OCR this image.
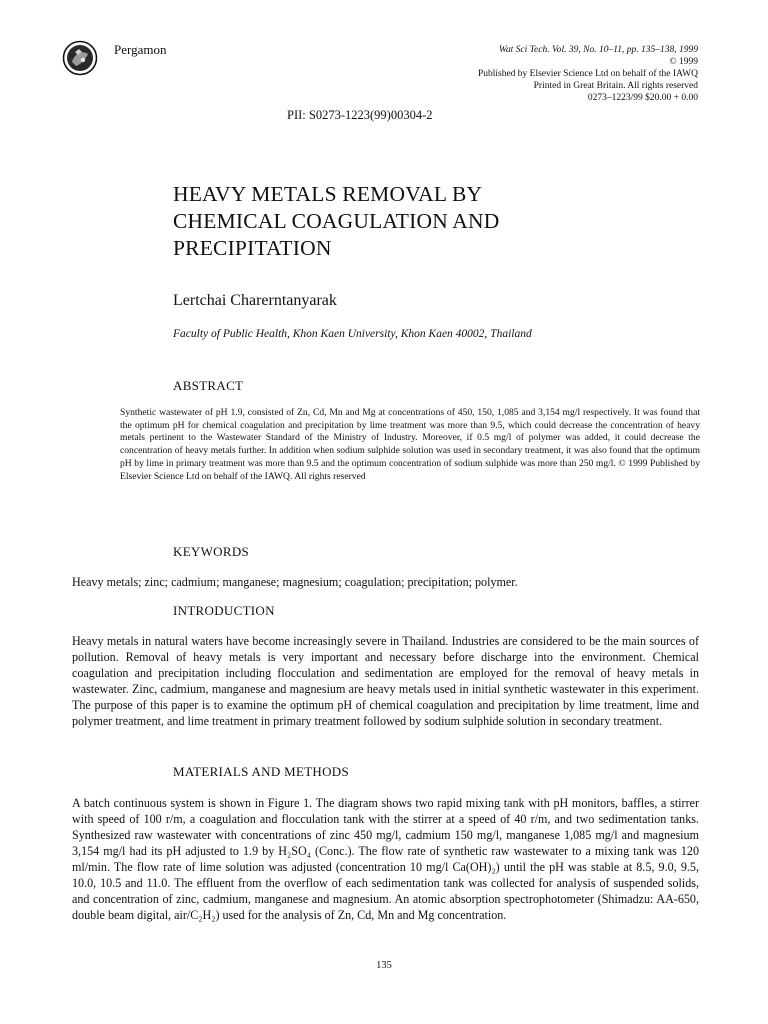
Pergamon	Wat Sci Tech. Vol. 39, No. 10–11, pp. 135–138, 1999
© 1999
Published by Elsevier Science Ltd on behalf of the IAWQ
Printed in Great Britain. All rights reserved
0273–1223/99 $20.00 + 0.00
PII: S0273-1223(99)00304-2
HEAVY METALS REMOVAL BY
CHEMICAL COAGULATION AND
PRECIPITATION
Lertchai Charerntanyarak
Faculty of Public Health, Khon Kaen University, Khon Kaen 40002, Thailand
ABSTRACT
Synthetic wastewater of pH 1.9, consisted of Zn, Cd, Mn and Mg at concentrations of 450, 150, 1,085 and 3,154 mg/l respectively. It was found that the optimum pH for chemical coagulation and precipitation by lime treatment was more than 9.5, which could decrease the concentration of heavy metals pertinent to the Wastewater Standard of the Ministry of Industry. Moreover, if 0.5 mg/l of polymer was added, it could decrease the concentration of heavy metals further. In addition when sodium sulphide solution was used in secondary treatment, it was also found that the optimum pH by lime in primary treatment was more than 9.5 and the optimum concentration of sodium sulphide was more than 250 mg/l. © 1999 Published by Elsevier Science Ltd on behalf of the IAWQ. All rights reserved
KEYWORDS
Heavy metals; zinc; cadmium; manganese; magnesium; coagulation; precipitation; polymer.
INTRODUCTION
Heavy metals in natural waters have become increasingly severe in Thailand. Industries are considered to be the main sources of pollution. Removal of heavy metals is very important and necessary before discharge into the environment. Chemical coagulation and precipitation including flocculation and sedimentation are employed for the removal of heavy metals in wastewater. Zinc, cadmium, manganese and magnesium are heavy metals used in initial synthetic wastewater in this experiment. The purpose of this paper is to examine the optimum pH of chemical coagulation and precipitation by lime treatment, lime and polymer treatment, and lime treatment in primary treatment followed by sodium sulphide solution in secondary treatment.
MATERIALS AND METHODS
A batch continuous system is shown in Figure 1. The diagram shows two rapid mixing tank with pH monitors, baffles, a stirrer with speed of 100 r/m, a coagulation and flocculation tank with the stirrer at a speed of 40 r/m, and two sedimentation tanks. Synthesized raw wastewater with concentrations of zinc 450 mg/l, cadmium 150 mg/l, manganese 1,085 mg/l and magnesium 3,154 mg/l had its pH adjusted to 1.9 by H₂SO₄ (Conc.). The flow rate of synthetic raw wastewater to a mixing tank was 120 ml/min. The flow rate of lime solution was adjusted (concentration 10 mg/l Ca(OH)₂) until the pH was stable at 8.5, 9.0, 9.5, 10.0, 10.5 and 11.0. The effluent from the overflow of each sedimentation tank was collected for analysis of suspended solids, and concentration of zinc, cadmium, manganese and magnesium. An atomic absorption spectrophotometer (Shimadzu: AA-650, double beam digital, air/C₂H₂) used for the analysis of Zn, Cd, Mn and Mg concentration.
135
